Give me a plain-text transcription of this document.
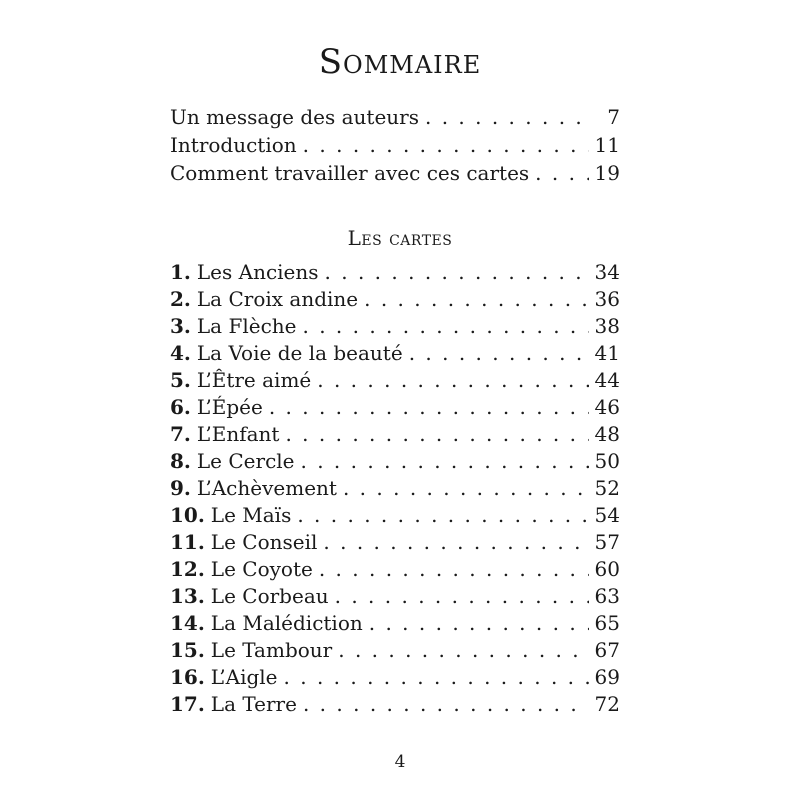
Sommaire
Un message des auteurs . . .	7
Introduction . . .	11
Comment travailler avec ces cartes . . .	19
Les cartes
1. Les Anciens . . .	34
2. La Croix andine . . .	36
3. La Flèche . . .	38
4. La Voie de la beauté . . .	41
5. L’Être aimé . . .	44
6. L’Épée . . .	46
7. L’Enfant . . .	48
8. Le Cercle . . .	50
9. L’Achèvement . . .	52
10. Le Maïs . . .	54
11. Le Conseil . . .	57
12. Le Coyote . . .	60
13. Le Corbeau . . .	63
14. La Malédiction . . .	65
15. Le Tambour . . .	67
16. L’Aigle . . .	69
17. La Terre . . .	72
4
